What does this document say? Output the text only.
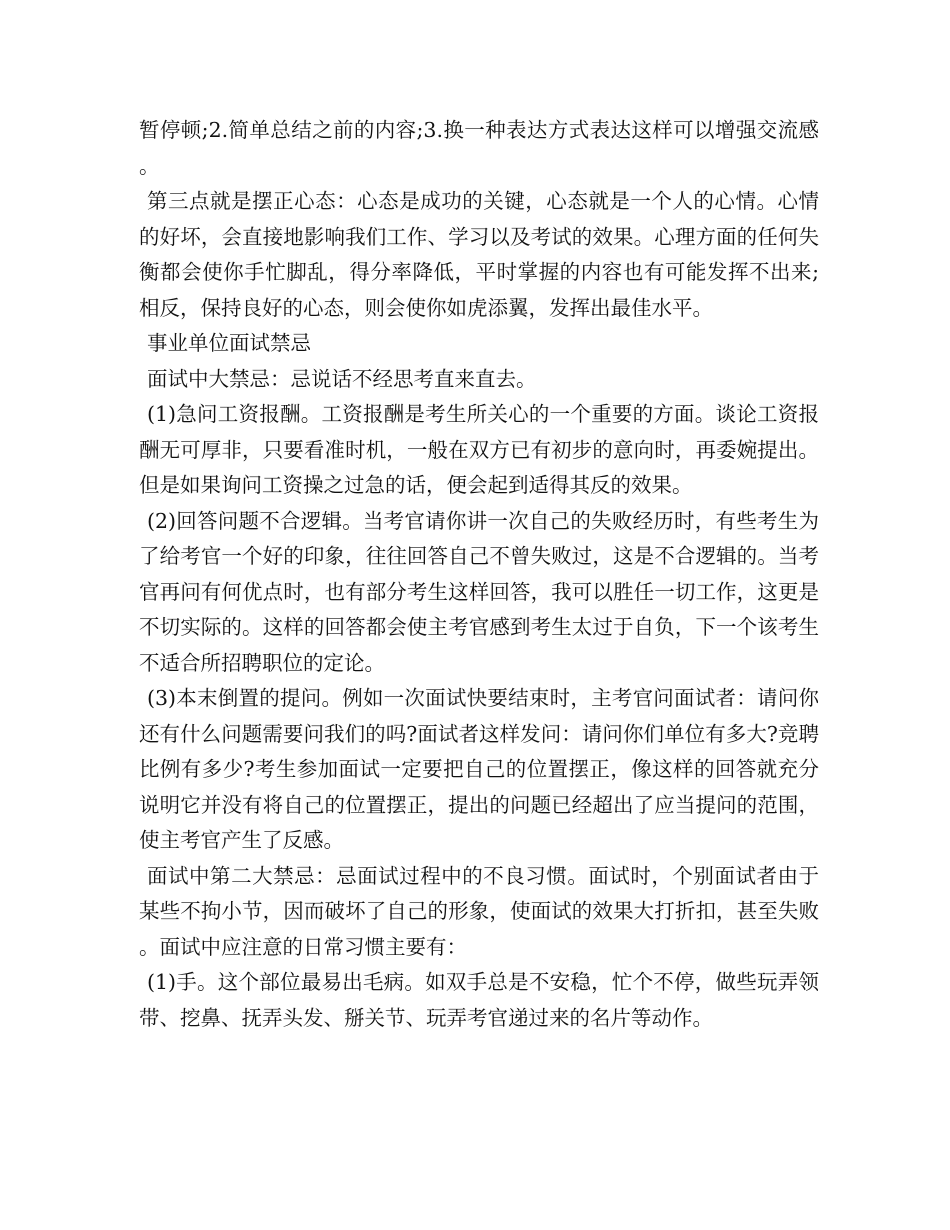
暂停顿;2.简单总结之前的内容;3.换一种表达方式表达这样可以增强交流感。

第三点就是摆正心态：心态是成功的关键，心态就是一个人的心情。心情的好坏，会直接地影响我们工作、学习以及考试的效果。心理方面的任何失衡都会使你手忙脚乱，得分率降低，平时掌握的内容也有可能发挥不出来;相反，保持良好的心态，则会使你如虎添翼，发挥出最佳水平。

事业单位面试禁忌

面试中大禁忌：忌说话不经思考直来直去。

(1)急问工资报酬。工资报酬是考生所关心的一个重要的方面。谈论工资报酬无可厚非，只要看准时机，一般在双方已有初步的意向时，再委婉提出。但是如果询问工资操之过急的话，便会起到适得其反的效果。

(2)回答问题不合逻辑。当考官请你讲一次自己的失败经历时，有些考生为了给考官一个好的印象，往往回答自己不曾失败过，这是不合逻辑的。当考官再问有何优点时，也有部分考生这样回答，我可以胜任一切工作，这更是不切实际的。这样的回答都会使主考官感到考生太过于自负，下一个该考生不适合所招聘职位的定论。

(3)本末倒置的提问。例如一次面试快要结束时，主考官问面试者：请问你还有什么问题需要问我们的吗?面试者这样发问：请问你们单位有多大?竞聘比例有多少?考生参加面试一定要把自己的位置摆正，像这样的回答就充分说明它并没有将自己的位置摆正，提出的问题已经超出了应当提问的范围，使主考官产生了反感。

面试中第二大禁忌：忌面试过程中的不良习惯。面试时，个别面试者由于某些不拘小节，因而破坏了自己的形象，使面试的效果大打折扣，甚至失败。面试中应注意的日常习惯主要有：

(1)手。这个部位最易出毛病。如双手总是不安稳，忙个不停，做些玩弄领带、挖鼻、抚弄头发、掰关节、玩弄考官递过来的名片等动作。
